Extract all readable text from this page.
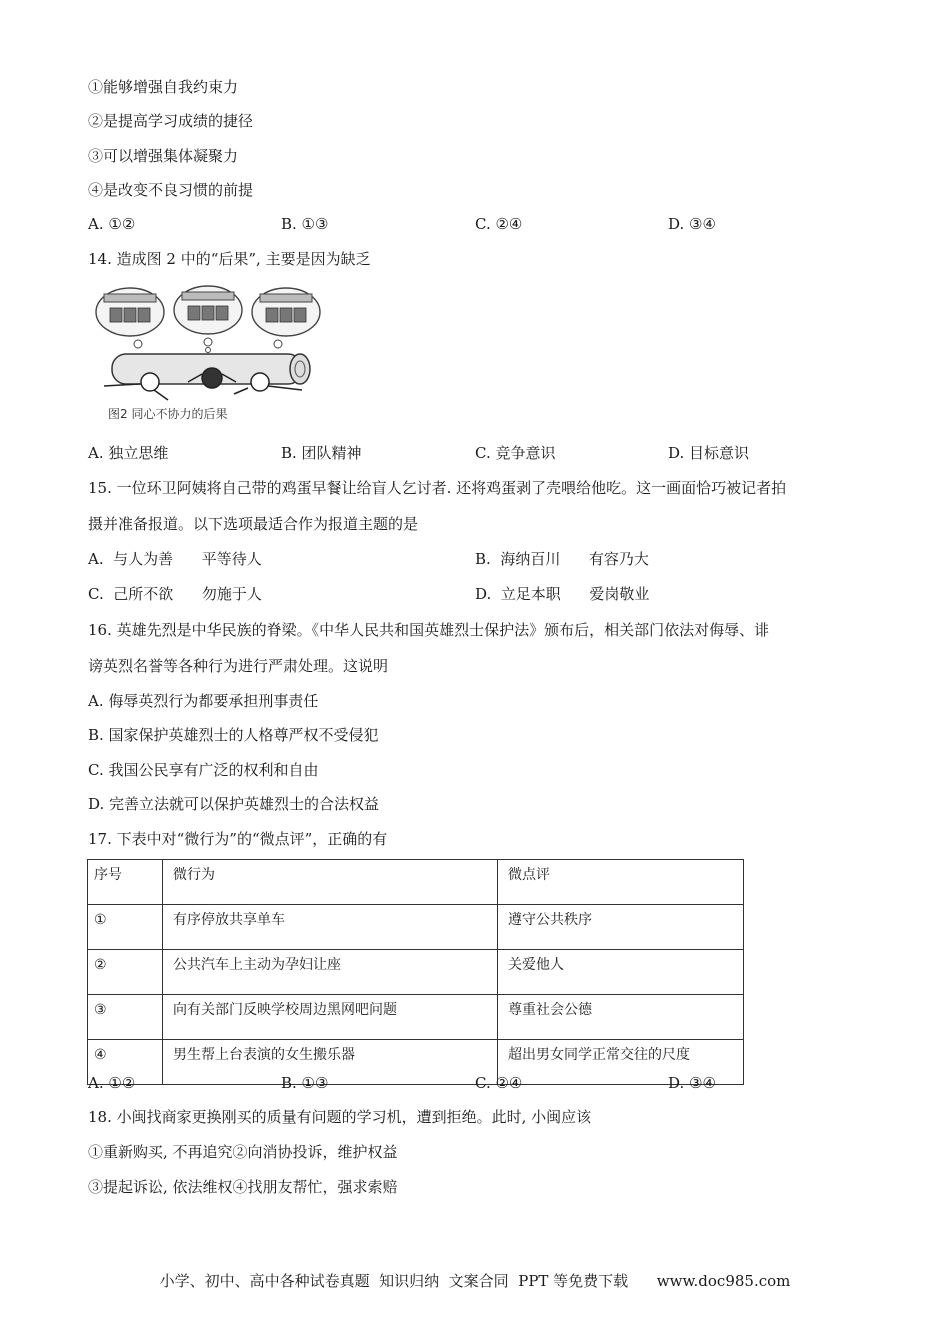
①能够增强自我约束力
②是提高学习成绩的捷径
③可以增强集体凝聚力
④是改变不良习惯的前提
A. ①②	B. ①③	C. ②④	D. ③④
14. 造成图 2 中的“后果”, 主要是因为缺乏
图2 同心不协力的后果
A. 独立思维	B. 团队精神	C. 竞争意识	D. 目标意识
15. 一位环卫阿姨将自己带的鸡蛋早餐让给盲人乞讨者. 还将鸡蛋剥了壳喂给他吃。这一画面恰巧被记者拍
摄并准备报道。以下选项最适合作为报道主题的是
A.  与人为善      平等待人	B.  海纳百川      有容乃大
C.  己所不欲      勿施于人	D.  立足本职      爱岗敬业
16. 英雄先烈是中华民族的脊梁。《中华人民共和国英雄烈士保护法》颁布后，相关部门依法对侮辱、诽
谤英烈名誉等各种行为进行严肃处理。这说明
A. 侮辱英烈行为都要承担刑事责任
B. 国家保护英雄烈士的人格尊严权不受侵犯
C. 我国公民享有广泛的权利和自由
D. 完善立法就可以保护英雄烈士的合法权益
17. 下表中对“微行为”的“微点评”，正确的有
序号	微行为	微点评
①	有序停放共享单车	遵守公共秩序
②	公共汽车上主动为孕妇让座	关爱他人
③	向有关部门反映学校周边黑网吧问题	尊重社会公德
④	男生帮上台表演的女生搬乐器	超出男女同学正常交往的尺度
A. ①②	B. ①③	C. ②④	D. ③④
18. 小闽找商家更换刚买的质量有问题的学习机，遭到拒绝。此时, 小闽应该
①重新购买, 不再追究②向消协投诉，维护权益
③提起诉讼, 依法维权④找朋友帮忙，强求索赔
小学、初中、高中各种试卷真题  知识归纳  文案合同  PPT 等免费下载      www.doc985.com
